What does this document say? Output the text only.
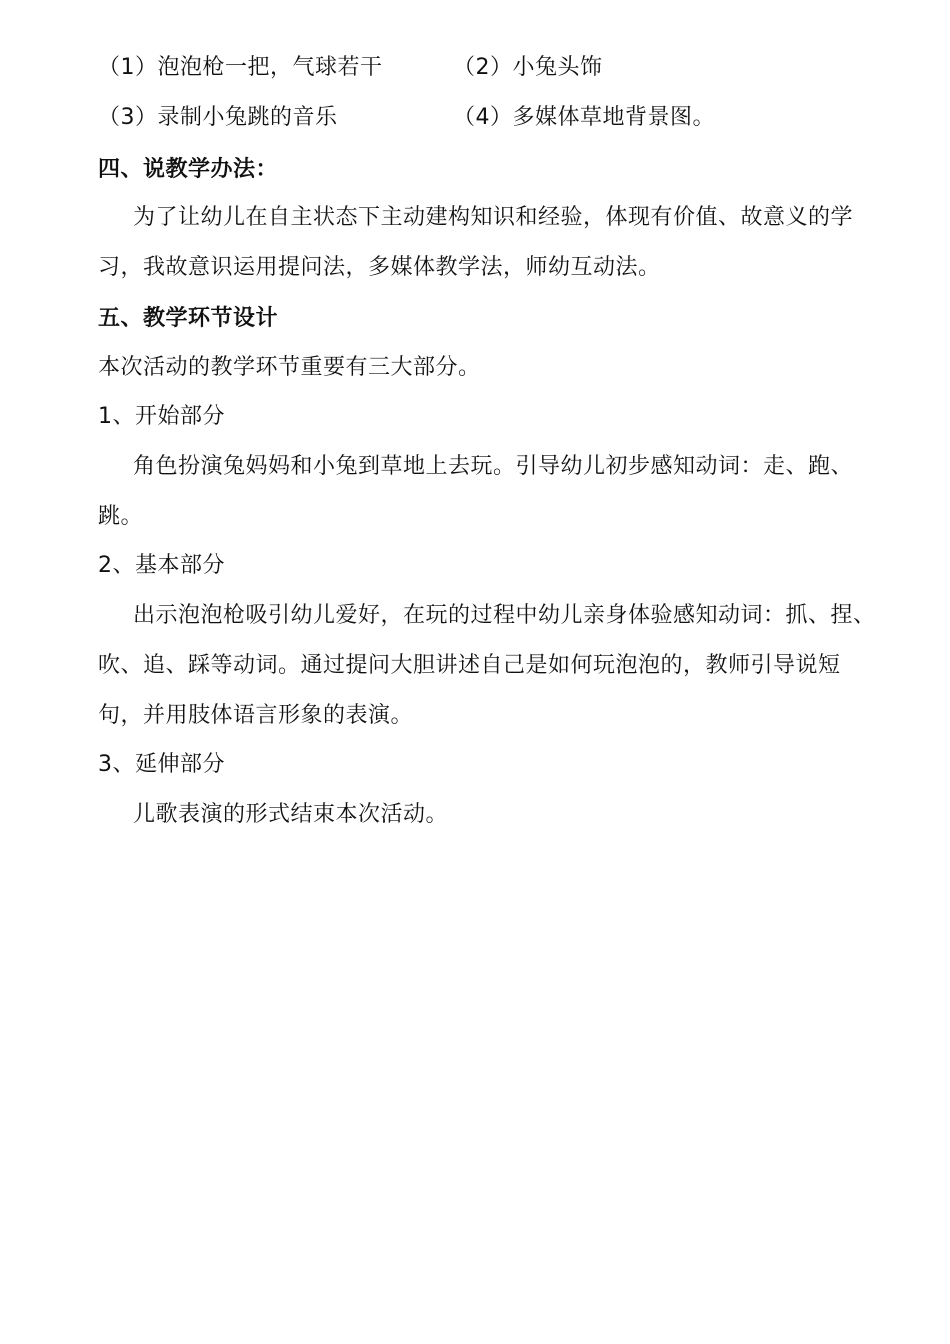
（1）泡泡枪一把，气球若干	（2）小兔头饰
（3）录制小兔跳的音乐	（4）多媒体草地背景图。
四、说教学办法：
为了让幼儿在自主状态下主动建构知识和经验，体现有价值、故意义的学
习，我故意识运用提问法，多媒体教学法，师幼互动法。
五、教学环节设计
本次活动的教学环节重要有三大部分。
1、开始部分
角色扮演兔妈妈和小兔到草地上去玩。引导幼儿初步感知动词：走、跑、
跳。
2、基本部分
出示泡泡枪吸引幼儿爱好，在玩的过程中幼儿亲身体验感知动词：抓、捏、
吹、追、踩等动词。通过提问大胆讲述自己是如何玩泡泡的，教师引导说短
句，并用肢体语言形象的表演。
3、延伸部分
儿歌表演的形式结束本次活动。
